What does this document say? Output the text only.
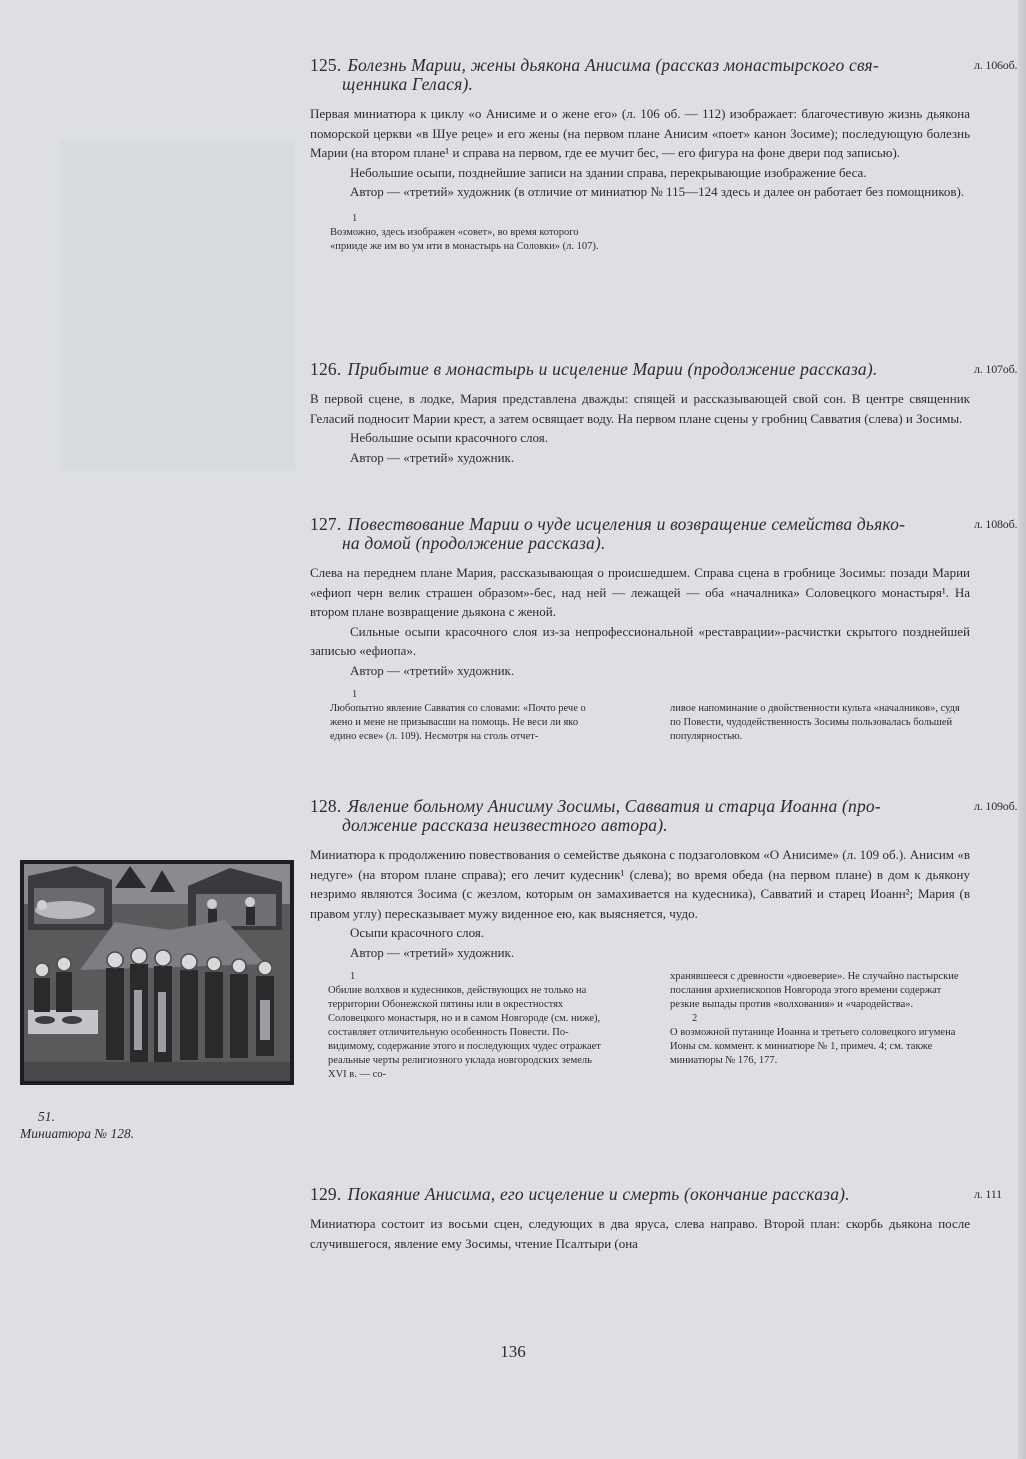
125. Болезнь Марии, жены дьякона Анисима (рассказ монастырского свя-
щенника Гелася).
л. 106об.

Первая миниатюра к циклу «о Анисиме и о жене его» (л. 106 об. — 112) изображает: благочестивую жизнь дьякона поморской церкви «в Шуе реце» и его жены (на первом плане Анисим «поет» канон Зосиме); последующую болезнь Марии (на втором плане¹ и справа на первом, где ее мучит бес, — его фигура на фоне двери под записью).

Небольшие осыпи, позднейшие записи на здании справа, перекрывающие изображение беса.

Автор — «третий» художник (в отличие от миниатюр № 115—124 здесь и далее он работает без помощников).

1
Возможно, здесь изображен «совет», во время которого «прииде же им во ум ити в монастырь на Соловки» (л. 107).
126. Прибытие в монастырь и исцеление Марии (продолжение рассказа).	л. 107об.

В первой сцене, в лодке, Мария представлена дважды: спящей и рассказывающей свой сон. В центре священник Геласий подносит Марии крест, а затем освящает воду. На первом плане сцены у гробниц Савватия (слева) и Зосимы.

Небольшие осыпи красочного слоя.

Автор — «третий» художник.

127. Повествование Марии о чуде исцеления и возвращение семейства дьяко-
на домой (продолжение рассказа).
л. 108об.

Слева на переднем плане Мария, рассказывающая о происшедшем. Справа сцена в гробнице Зосимы: позади Марии «ефиоп черн велик страшен образом»-бес, над ней — лежащей — оба «началника» Соловецкого монастыря¹. На втором плане возвращение дьякона с женой.

Сильные осыпи красочного слоя из-за непрофессиональной «реставрации»-расчистки скрытого позднейшей записью «ефиопа».

Автор — «третий» художник.

1
Любопытно явление Савватия со словами: «Почто рече о жено и мене не призывасши на помощь. Не веси ли яко едино есве» (л. 109). Несмотря на столь отчет-
ливое напоминание о двойственности культа «началников», судя по Повести, чудодейственность Зосимы пользовалась большей популярностью.
128. Явление больному Анисиму Зосимы, Савватия и старца Иоанна (про-
должение рассказа неизвестного автора).
л. 109об.

Миниатюра к продолжению повествования о семействе дьякона с подзаголовком «О Анисиме» (л. 109 об.). Анисим «в недуге» (на втором плане справа); его лечит кудесник¹ (слева); во время обеда (на первом плане) в дом к дьякону незримо являются Зосима (с жезлом, которым он замахивается на кудесника), Савватий и старец Иоанн²; Мария (в правом углу) пересказывает мужу виденное ею, как выясняется, чудо.

Осыпи красочного слоя.

Автор — «третий» художник.

1
Обилие волхвов и кудесников, действующих не только на территории Обонежской пятины или в окрестностях Соловецкого монастыря, но и в самом Новгороде (см. ниже), составляет отличительную особенность Повести. По-видимому, содержание этого и последующих чудес отражает реальные черты религиозного уклада новгородских земель XVI в. — со-
хранявшееся с древности «двоеверие». Не случайно пастырские послания архиепископов Новгорода этого времени содержат резкие выпады против «волхования» и «чародейства».
2
О возможной путанице Иоанна и третьего соловецкого игумена Ионы см. коммент. к миниатюре № 1, примеч. 4; см. также миниатюры № 176, 177.
129. Покаяние Анисима, его исцеление и смерть (окончание рассказа).	л. 111

Миниатюра состоит из восьми сцен, следующих в два яруса, слева направо. Второй план: скорбь дьякона после случившегося, явление ему Зосимы, чтение Псалтыри (она

51.
Миниатюра № 128.
136
